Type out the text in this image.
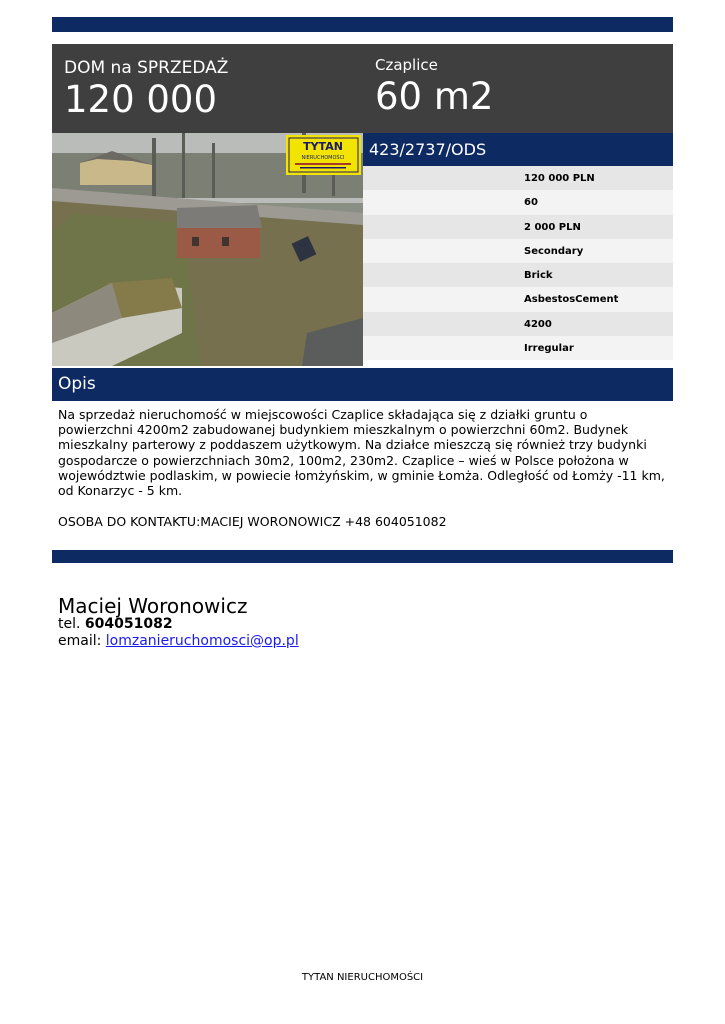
DOM na SPRZEDAŻ
120 000
Czaplice
60 m2
TYTAN
NIERUCHOMOŚCI 423/2737/ODS
120 000 PLN
60
2 000 PLN
Secondary
Brick
AsbestosCement
4200
Irregular
Opis
Na sprzedaż nieruchomość w miejscowości Czaplice składająca się z działki gruntu o powierzchni 4200m2 zabudowanej budynkiem mieszkalnym o powierzchni 60m2. Budynek mieszkalny parterowy z poddaszem użytkowym. Na działce mieszczą się również trzy budynki gospodarcze o powierzchniach 30m2, 100m2, 230m2. Czaplice – wieś w Polsce położona w województwie podlaskim, w powiecie łomżyńskim, w gminie Łomża. Odległość od Łomży -11 km, od Konarzyc - 5 km.
OSOBA DO KONTAKTU:MACIEJ WORONOWICZ +48 604051082
Maciej Woronowicz
tel. 604051082
email: lomzanieruchomosci@op.pl
TYTAN NIERUCHOMOŚCI
